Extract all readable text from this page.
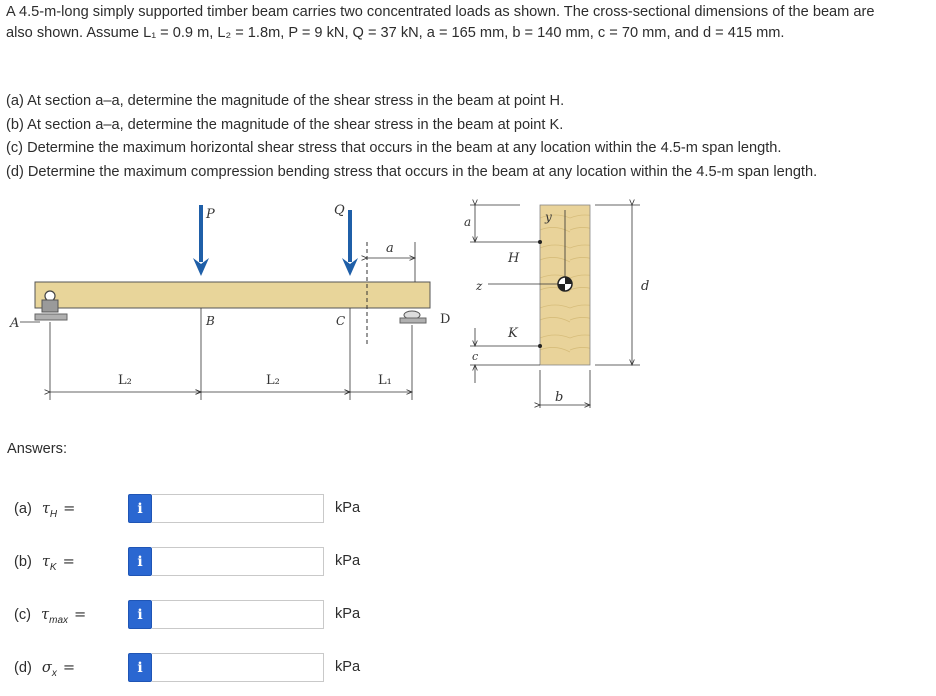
A 4.5-m-long simply supported timber beam carries two concentrated loads as shown. The cross-sectional dimensions of the beam are
also shown. Assume L₁ = 0.9 m, L₂ = 1.8m, P = 9 kN, Q = 37 kN, a = 165 mm, b = 140 mm, c = 70 mm, and d = 415 mm.
(a) At section a–a, determine the magnitude of the shear stress in the beam at point H.
(b) At section a–a, determine the magnitude of the shear stress in the beam at point K.
(c) Determine the maximum horizontal shear stress that occurs in the beam at any location within the 4.5-m span length.
(d) Determine the maximum compression bending stress that occurs in the beam at any location within the 4.5-m span length.
A	D
P	Q
a
B	C
L₂	L₂	L₁
a
H
z
y
K
c
b
d
Answers:
(a) $\tau_H$ =	i	kPa
(b) $\tau_K$ =	i	kPa
(c) $\tau_{max}$ =	i	kPa
(d) $\sigma_x$ =	i	kPa
